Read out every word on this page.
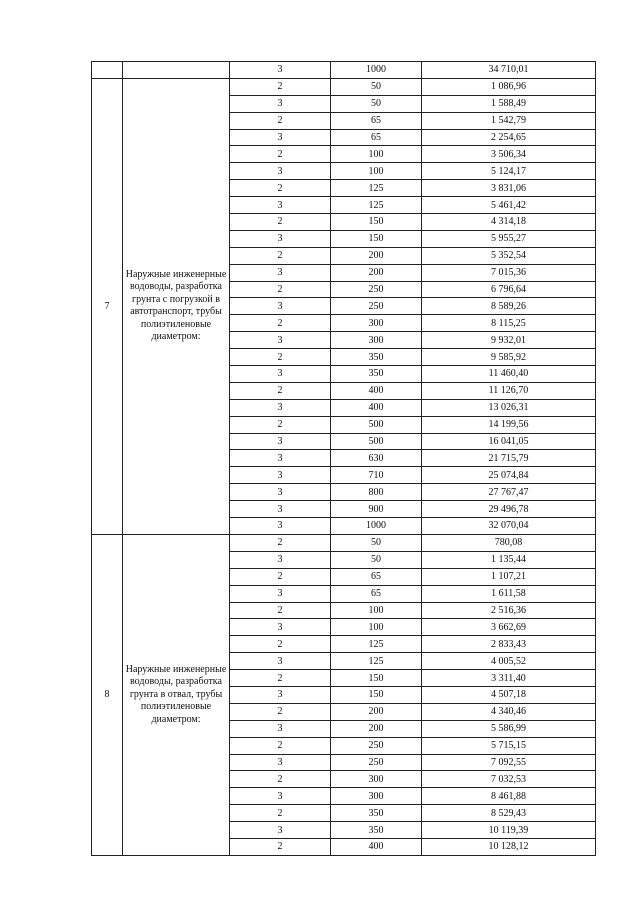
		3	1000	34 710,01
7	Наружные инженерные водоводы, разработка грунта с погрузкой в автотранспорт, трубы полиэтиленовые диаметром:	2	50	1 086,96
		3	50	1 588,49
		2	65	1 542,79
		3	65	2 254,65
		2	100	3 506,34
		3	100	5 124,17
		2	125	3 831,06
		3	125	5 461,42
		2	150	4 314,18
		3	150	5 955,27
		2	200	5 352,54
		3	200	7 015,36
		2	250	6 796,64
		3	250	8 589,26
		2	300	8 115,25
		3	300	9 932,01
		2	350	9 585,92
		3	350	11 460,40
		2	400	11 126,70
		3	400	13 026,31
		2	500	14 199,56
		3	500	16 041,05
		3	630	21 715,79
		3	710	25 074,84
		3	800	27 767,47
		3	900	29 496,78
		3	1000	32 070,04
8	Наружные инженерные водоводы, разработка грунта в отвал, трубы полиэтиленовые диаметром:	2	50	780,08
		3	50	1 135,44
		2	65	1 107,21
		3	65	1 611,58
		2	100	2 516,36
		3	100	3 662,69
		2	125	2 833,43
		3	125	4 005,52
		2	150	3 311,40
		3	150	4 507,18
		2	200	4 340,46
		3	200	5 586,99
		2	250	5 715,15
		3	250	7 092,55
		2	300	7 032,53
		3	300	8 461,88
		2	350	8 529,43
		3	350	10 119,39
		2	400	10 128,12
